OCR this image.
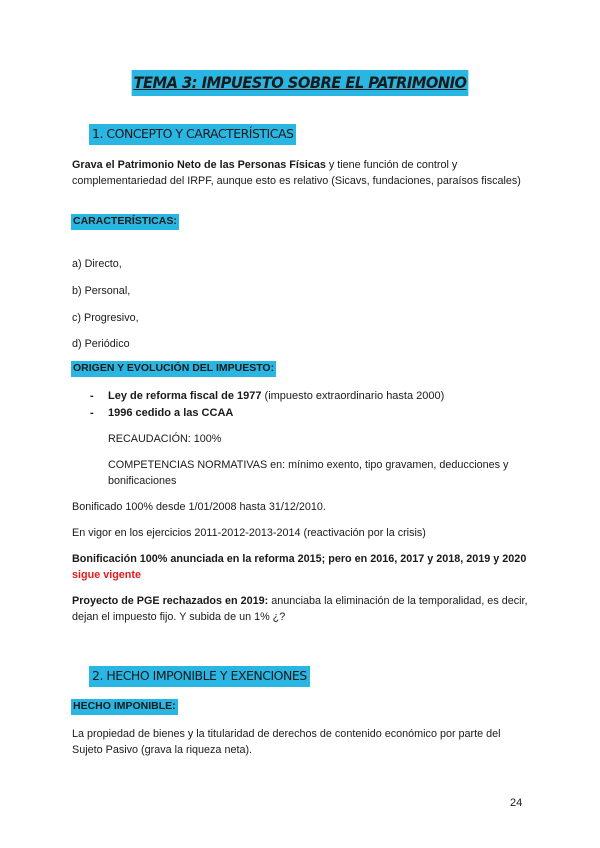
TEMA 3: IMPUESTO SOBRE EL PATRIMONIO
1. CONCEPTO Y CARACTERÍSTICAS
Grava el Patrimonio Neto de las Personas Físicas y tiene función de control y complementariedad del IRPF, aunque esto es relativo (Sicavs, fundaciones, paraísos fiscales)
CARACTERÍSTICAS:
a) Directo,
b) Personal,
c) Progresivo,
d) Periódico
ORIGEN Y EVOLUCIÓN DEL IMPUESTO:
- Ley de reforma fiscal de 1977 (impuesto extraordinario hasta 2000)
- 1996 cedido a las CCAA
RECAUDACIÓN: 100%
COMPETENCIAS NORMATIVAS en: mínimo exento, tipo gravamen, deducciones y bonificaciones
Bonificado 100% desde 1/01/2008 hasta 31/12/2010.
En vigor en los ejercicios 2011-2012-2013-2014 (reactivación por la crisis)
Bonificación 100% anunciada en la reforma 2015; pero en 2016, 2017 y 2018, 2019 y 2020 sigue vigente
Proyecto de PGE rechazados en 2019: anunciaba la eliminación de la temporalidad, es decir, dejan el impuesto fijo. Y subida de un 1% ¿?
2. HECHO IMPONIBLE Y EXENCIONES
HECHO IMPONIBLE:
La propiedad de bienes y la titularidad de derechos de contenido económico por parte del Sujeto Pasivo (grava la riqueza neta).
24
